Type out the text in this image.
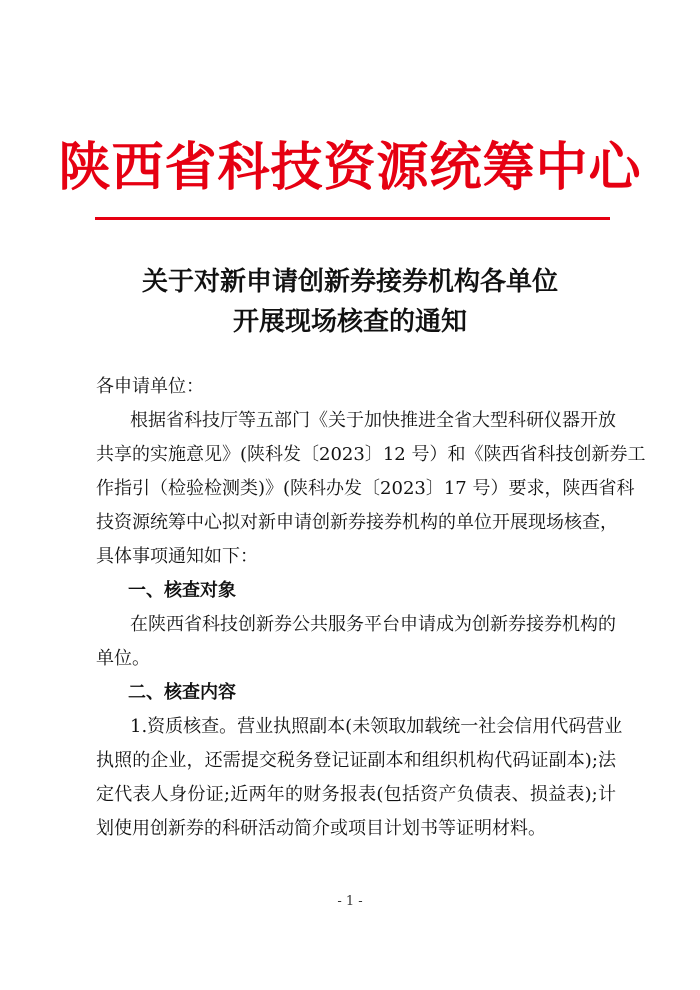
陕西省科技资源统筹中心
关于对新申请创新券接券机构各单位
开展现场核查的通知
各申请单位：
根据省科技厅等五部门《关于加快推进全省大型科研仪器开放
共享的实施意见》(陕科发〔2023〕12 号）和《陕西省科技创新券工
作指引（检验检测类)》(陕科办发〔2023〕17 号）要求，陕西省科
技资源统筹中心拟对新申请创新券接券机构的单位开展现场核查，
具体事项通知如下：
一、核查对象
在陕西省科技创新券公共服务平台申请成为创新券接券机构的
单位。
二、核查内容
1.资质核查。营业执照副本(未领取加载统一社会信用代码营业
执照的企业，还需提交税务登记证副本和组织机构代码证副本);法
定代表人身份证;近两年的财务报表(包括资产负债表、损益表);计
划使用创新券的科研活动简介或项目计划书等证明材料。
- 1 -
